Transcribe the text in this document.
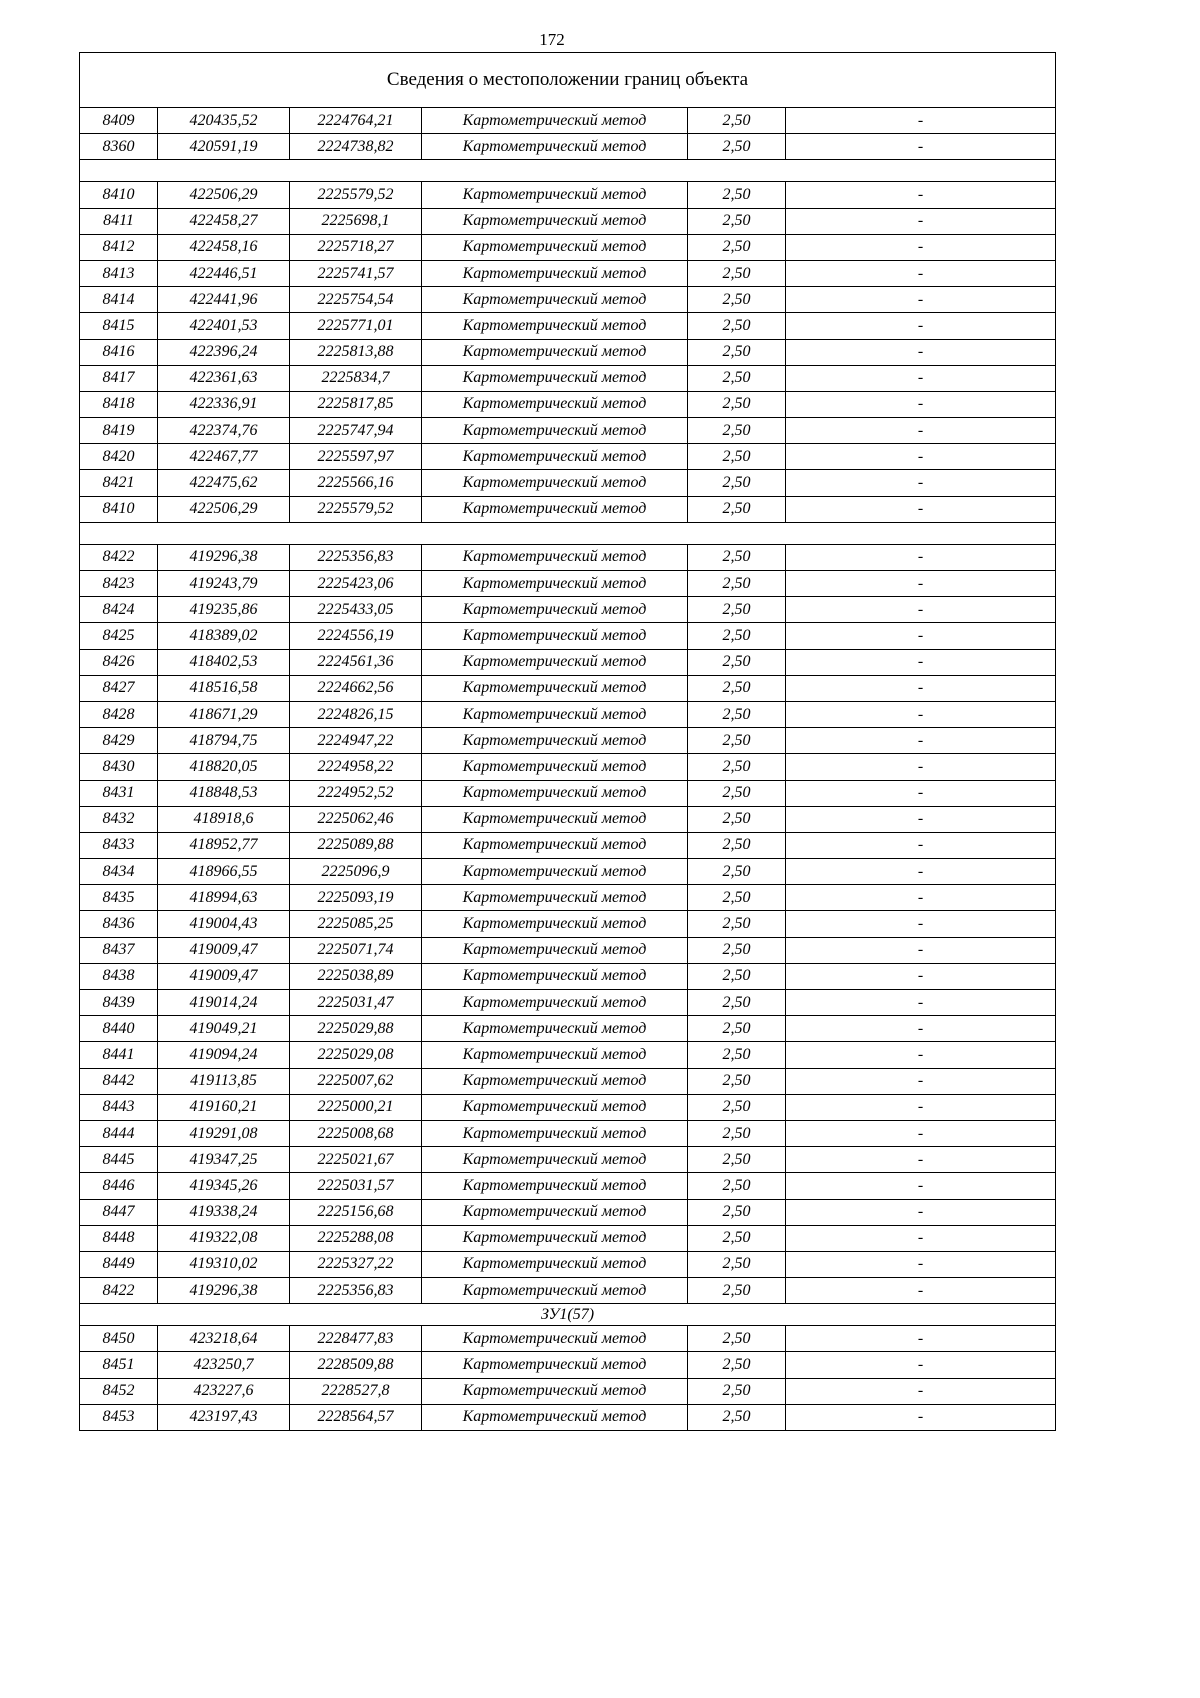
172
Сведения о местоположении границ объекта					
8409	420435,52	2224764,21	Картометрический метод	2,50	-
8360	420591,19	2224738,82	Картометрический метод	2,50	-

8410	422506,29	2225579,52	Картометрический метод	2,50	-
8411	422458,27	2225698,1	Картометрический метод	2,50	-
8412	422458,16	2225718,27	Картометрический метод	2,50	-
8413	422446,51	2225741,57	Картометрический метод	2,50	-
8414	422441,96	2225754,54	Картометрический метод	2,50	-
8415	422401,53	2225771,01	Картометрический метод	2,50	-
8416	422396,24	2225813,88	Картометрический метод	2,50	-
8417	422361,63	2225834,7	Картометрический метод	2,50	-
8418	422336,91	2225817,85	Картометрический метод	2,50	-
8419	422374,76	2225747,94	Картометрический метод	2,50	-
8420	422467,77	2225597,97	Картометрический метод	2,50	-
8421	422475,62	2225566,16	Картометрический метод	2,50	-
8410	422506,29	2225579,52	Картометрический метод	2,50	-

8422	419296,38	2225356,83	Картометрический метод	2,50	-
8423	419243,79	2225423,06	Картометрический метод	2,50	-
8424	419235,86	2225433,05	Картометрический метод	2,50	-
8425	418389,02	2224556,19	Картометрический метод	2,50	-
8426	418402,53	2224561,36	Картометрический метод	2,50	-
8427	418516,58	2224662,56	Картометрический метод	2,50	-
8428	418671,29	2224826,15	Картометрический метод	2,50	-
8429	418794,75	2224947,22	Картометрический метод	2,50	-
8430	418820,05	2224958,22	Картометрический метод	2,50	-
8431	418848,53	2224952,52	Картометрический метод	2,50	-
8432	418918,6	2225062,46	Картометрический метод	2,50	-
8433	418952,77	2225089,88	Картометрический метод	2,50	-
8434	418966,55	2225096,9	Картометрический метод	2,50	-
8435	418994,63	2225093,19	Картометрический метод	2,50	-
8436	419004,43	2225085,25	Картометрический метод	2,50	-
8437	419009,47	2225071,74	Картометрический метод	2,50	-
8438	419009,47	2225038,89	Картометрический метод	2,50	-
8439	419014,24	2225031,47	Картометрический метод	2,50	-
8440	419049,21	2225029,88	Картометрический метод	2,50	-
8441	419094,24	2225029,08	Картометрический метод	2,50	-
8442	419113,85	2225007,62	Картометрический метод	2,50	-
8443	419160,21	2225000,21	Картометрический метод	2,50	-
8444	419291,08	2225008,68	Картометрический метод	2,50	-
8445	419347,25	2225021,67	Картометрический метод	2,50	-
8446	419345,26	2225031,57	Картометрический метод	2,50	-
8447	419338,24	2225156,68	Картометрический метод	2,50	-
8448	419322,08	2225288,08	Картометрический метод	2,50	-
8449	419310,02	2225327,22	Картометрический метод	2,50	-
8422	419296,38	2225356,83	Картометрический метод	2,50	-
ЗУ1(57)					
8450	423218,64	2228477,83	Картометрический метод	2,50	-
8451	423250,7	2228509,88	Картометрический метод	2,50	-
8452	423227,6	2228527,8	Картометрический метод	2,50	-
8453	423197,43	2228564,57	Картометрический метод	2,50	-
